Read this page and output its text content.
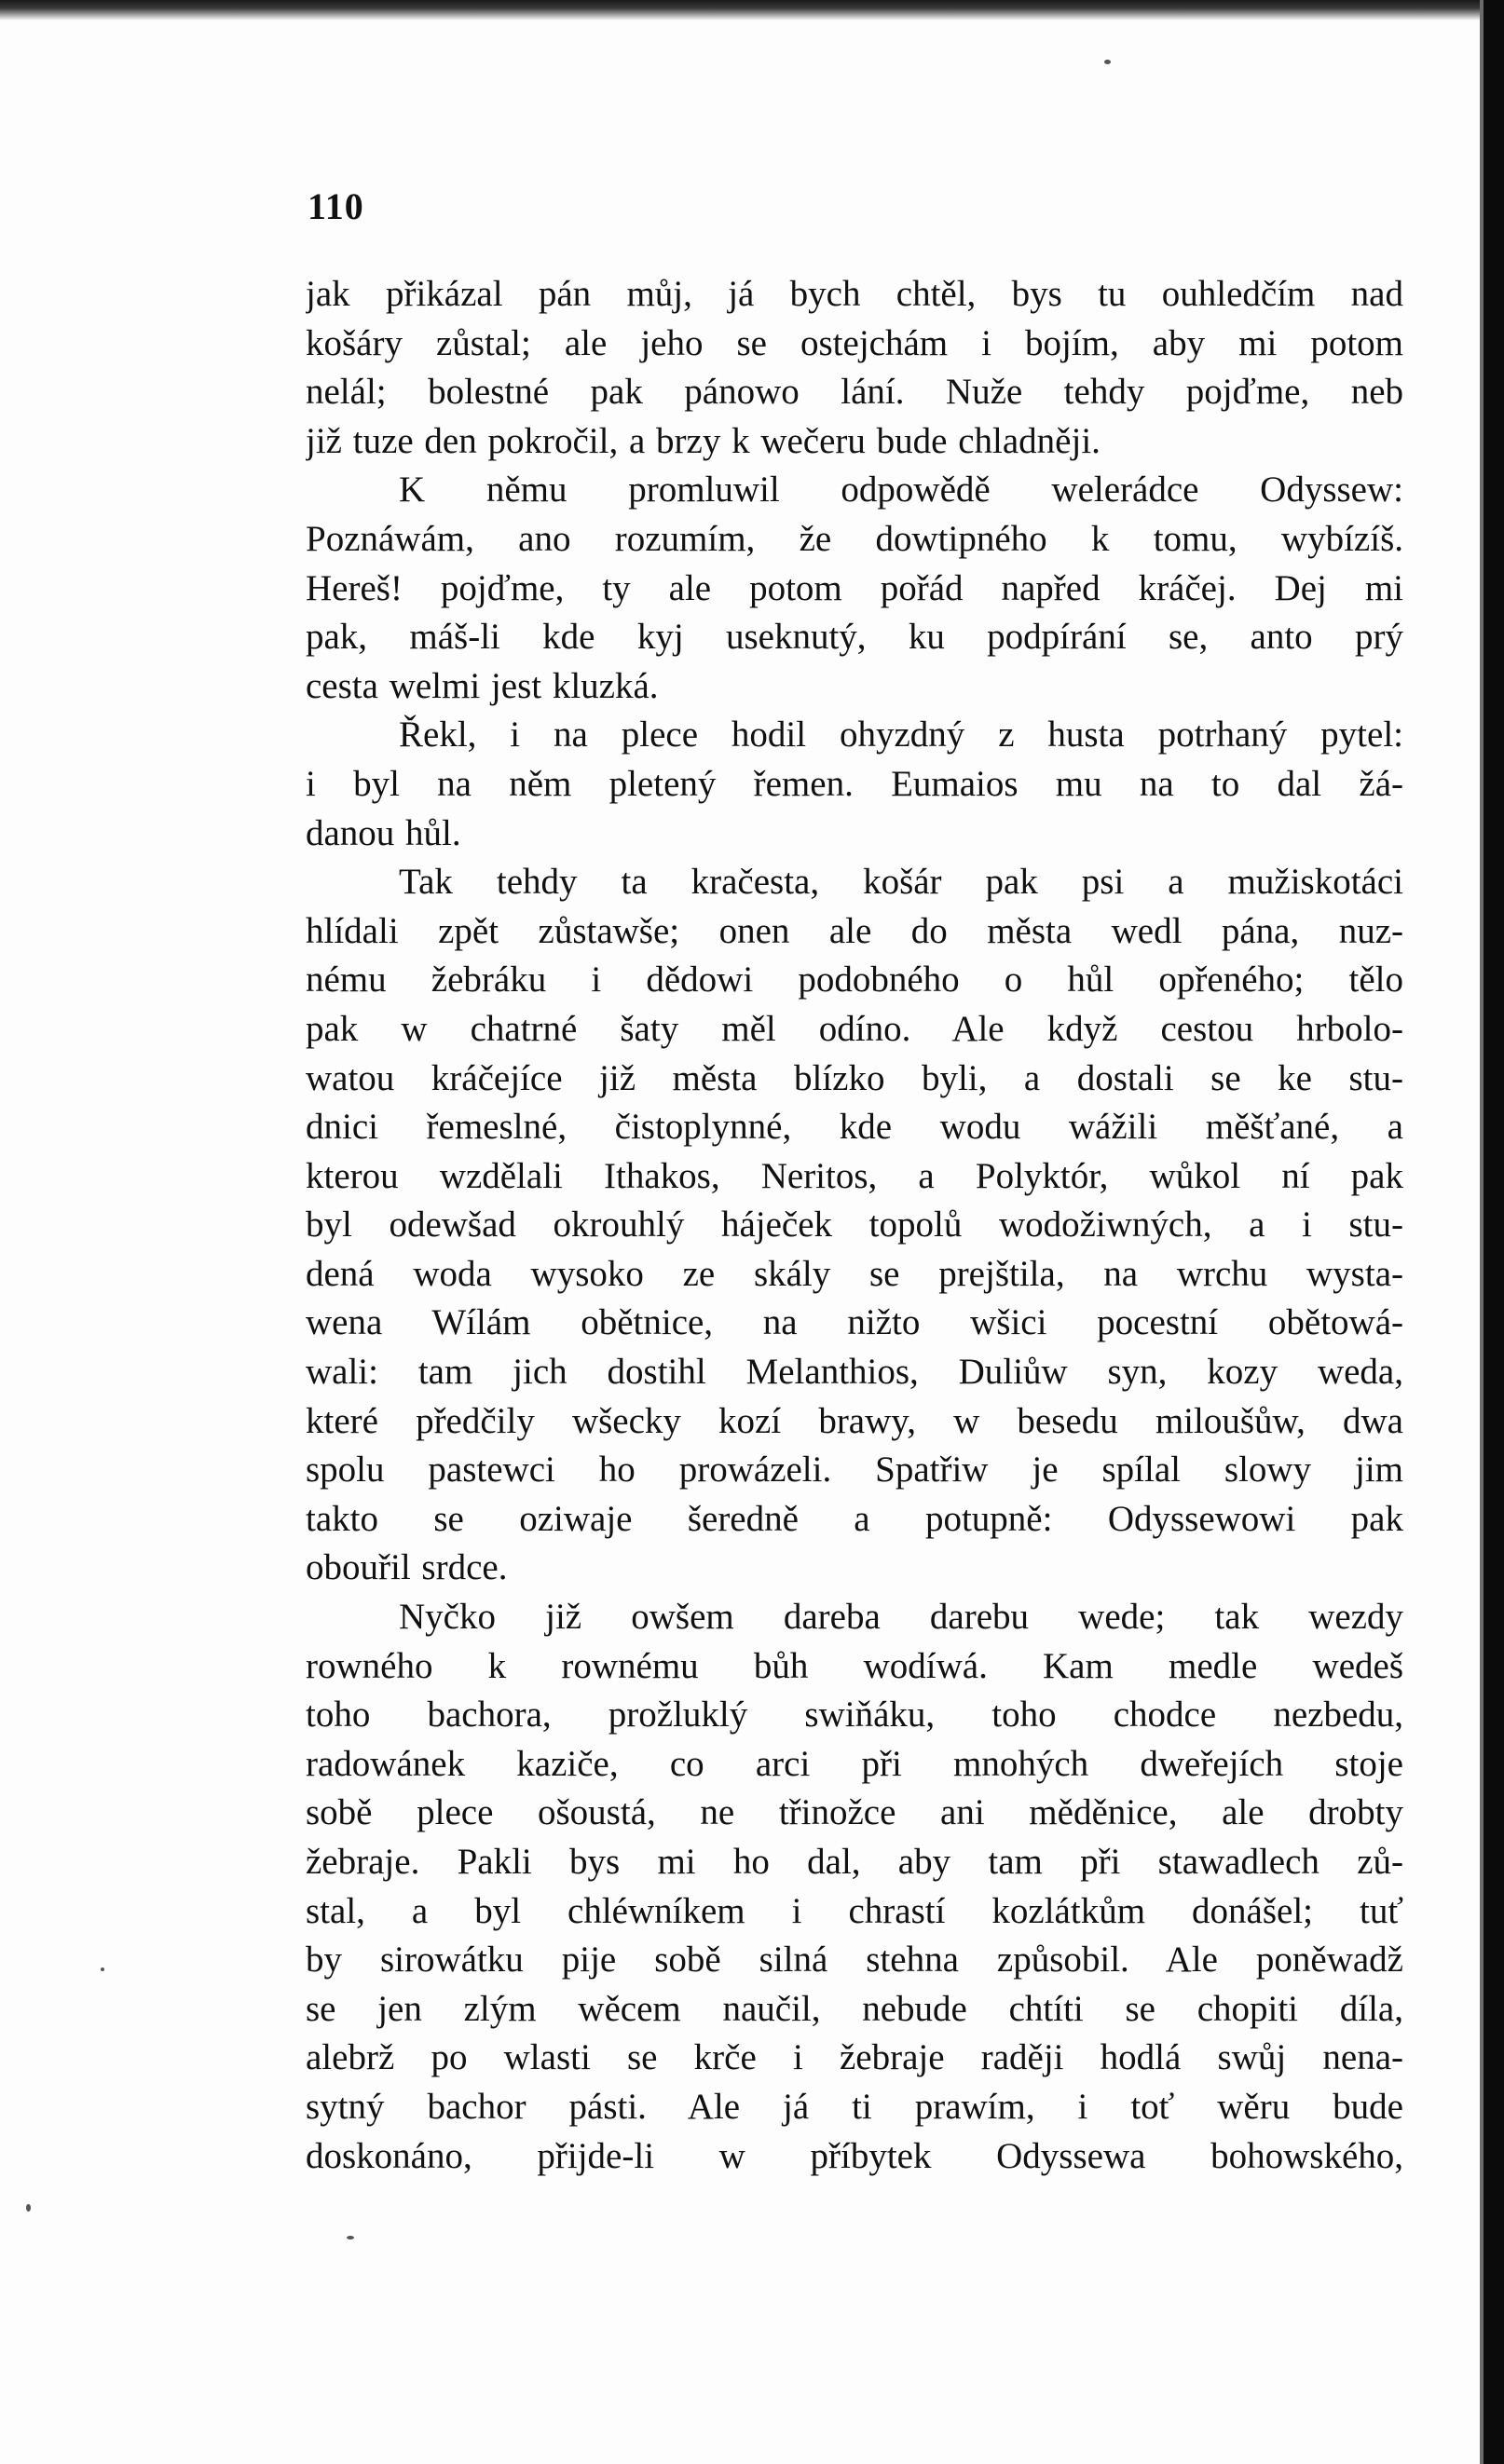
110

jak přikázal pán můj, já bych chtěl, bys tu ouhledčím nad
košáry zůstal; ale jeho se ostejchám i bojím, aby mi potom
nelál; bolestné pak pánowo lání. Nuže tehdy pojďme, neb
již tuze den pokročil, a brzy k wečeru bude chladněji.
K němu promluwil odpowědě welerádce Odyssew:
Poznáwám, ano rozumím, že dowtipného k tomu, wybízíš.
Hereš! pojďme, ty ale potom pořád napřed kráčej. Dej mi
pak, máš-li kde kyj useknutý, ku podpírání se, anto prý
cesta welmi jest kluzká.
Řekl, i na plece hodil ohyzdný z husta potrhaný pytel:
i byl na něm pletený řemen. Eumaios mu na to dal žá-
danou hůl.
Tak tehdy ta kračesta, košár pak psi a mužiskotáci
hlídali zpět zůstawše; onen ale do města wedl pána, nuz-
nému žebráku i dědowi podobného o hůl opřeného; tělo
pak w chatrné šaty měl odíno. Ale když cestou hrbolo-
watou kráčejíce již města blízko byli, a dostali se ke stu-
dnici řemeslné, čistoplynné, kde wodu wážili měšťané, a
kterou wzdělali Ithakos, Neritos, a Polyktór, wůkol ní pak
byl odewšad okrouhlý háječek topolů wodožiwných, a i stu-
dená woda wysoko ze skály se prejštila, na wrchu wysta-
wena Wílám obětnice, na nižto wšici pocestní obětowá-
wali: tam jich dostihl Melanthios, Duliůw syn, kozy weda,
které předčily wšecky kozí brawy, w besedu miloušůw, dwa
spolu pastewci ho prowázeli. Spatřiw je spílal slowy jim
takto se oziwaje šeredně a potupně: Odyssewowi pak
obouřil srdce.
Nyčko již owšem dareba darebu wede; tak wezdy
rowného k rownému bůh wodíwá. Kam medle wedeš
toho bachora, prožluklý swiňáku, toho chodce nezbedu,
radowánek kaziče, co arci při mnohých dweřejích stoje
sobě plece ošoustá, ne třinožce ani měděnice, ale drobty
žebraje. Pakli bys mi ho dal, aby tam při stawadlech zů-
stal, a byl chléwníkem i chrastí kozlátkům donášel; tuť
by sirowátku pije sobě silná stehna způsobil. Ale poněwadž
se jen zlým wěcem naučil, nebude chtíti se chopiti díla,
alebrž po wlasti se krče i žebraje raději hodlá swůj nena-
sytný bachor pásti. Ale já ti prawím, i toť wěru bude
doskonáno, přijde-li w příbytek Odyssewa bohowského,
